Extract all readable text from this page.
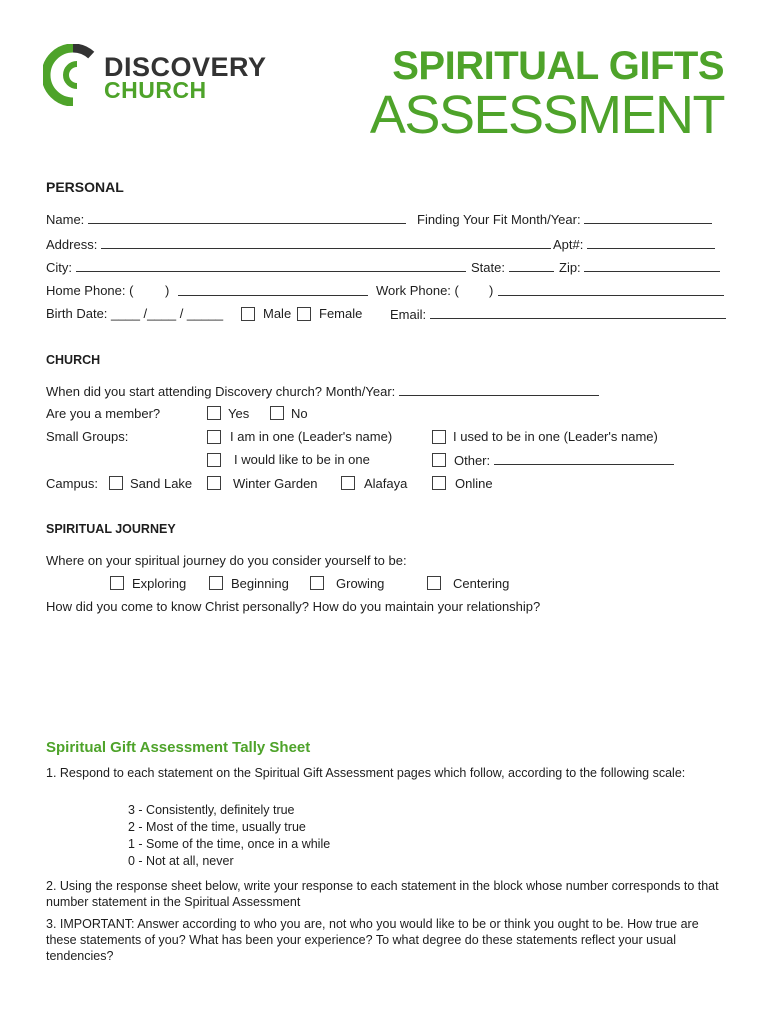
DISCOVERY
CHURCH
SPIRITUAL GIFTS
ASSESSMENT
PERSONAL
Name:	Finding Your Fit Month/Year:
Address:	Apt#:
City:	State:	Zip:
Home Phone: ( )	Work Phone: ( )
Birth Date: ____ /____ / _____	Male Female Email:
CHURCH
When did you start attending Discovery church? Month/Year:
Are you a member?	Yes	No
Small Groups:	I am in one (Leader's name)	I used to be in one (Leader's name)
I would like to be in one	Other:
Campus: Sand Lake	Winter Garden	Alafaya	Online
SPIRITUAL JOURNEY
Where on your spiritual journey do you consider yourself to be:
Exploring	Beginning	Growing	Centering
How did you come to know Christ personally? How do you maintain your relationship?
Spiritual Gift Assessment Tally Sheet
1. Respond to each statement on the Spiritual Gift Assessment pages which follow, according to the following scale:
3 - Consistently, definitely true
2 - Most of the time, usually true
1 - Some of the time, once in a while
0 - Not at all, never
2. Using the response sheet below, write your response to each statement in the block whose number corresponds to that number statement in the Spiritual Assessment
3. IMPORTANT: Answer according to who you are, not who you would like to be or think you ought to be. How true are these statements of you? What has been your experience? To what degree do these statements reflect your usual tendencies?
